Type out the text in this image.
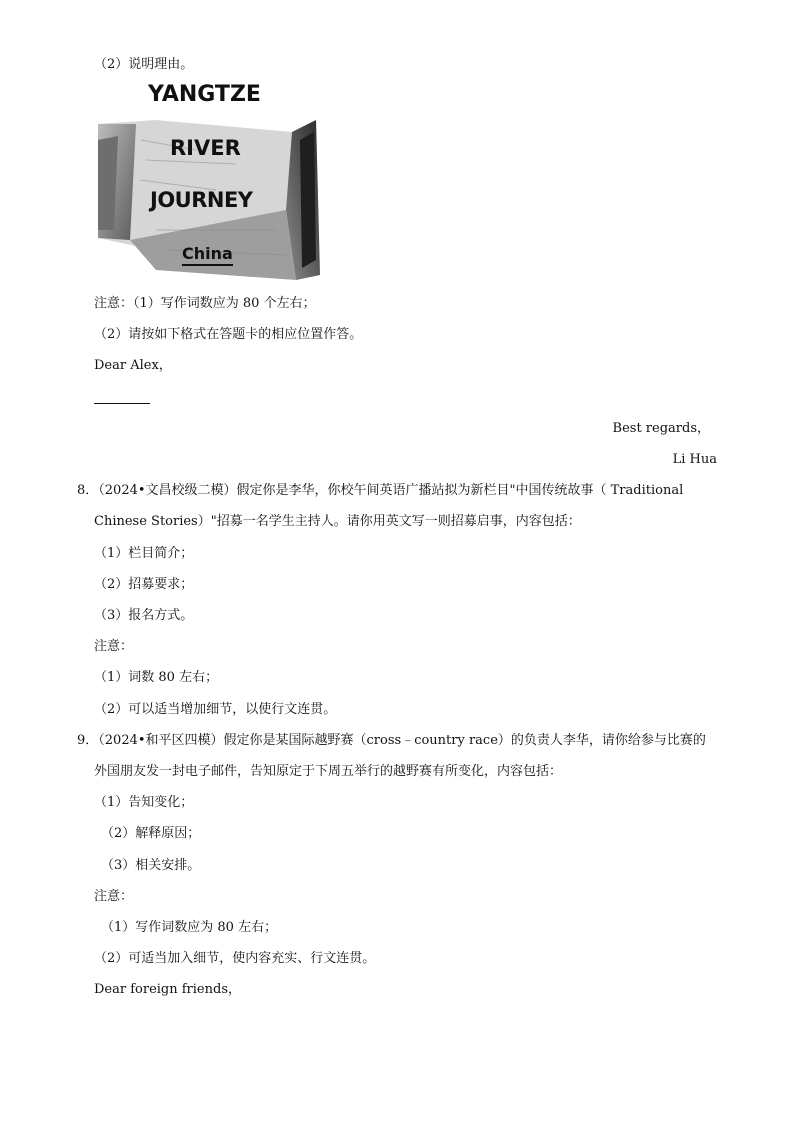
（2）说明理由。
YANGTZE
RIVER
JOURNEY
China
注意：（1）写作词数应为 80 个左右；
（2）请按如下格式在答题卡的相应位置作答。
Dear Alex，
Best regards，
Li Hua
8．（2024•文昌校级二模）假定你是李华，你校午间英语广播站拟为新栏目"中国传统故事（ Traditional
Chinese Stories）"招募一名学生主持人。请你用英文写一则招募启事，内容包括：
（1）栏目简介；
（2）招募要求；
（3）报名方式。
注意：
（1）词数 80 左右；
（2）可以适当增加细节，以使行文连贯。
9．（2024•和平区四模）假定你是某国际越野赛（cross﹣country race）的负责人李华，请你给参与比赛的
外国朋友发一封电子邮件，告知原定于下周五举行的越野赛有所变化，内容包括：
（1）告知变化；
（2）解释原因；
（3）相关安排。
注意：
（1）写作词数应为 80 左右；
（2）可适当加入细节，使内容充实、行文连贯。
Dear foreign friends，
